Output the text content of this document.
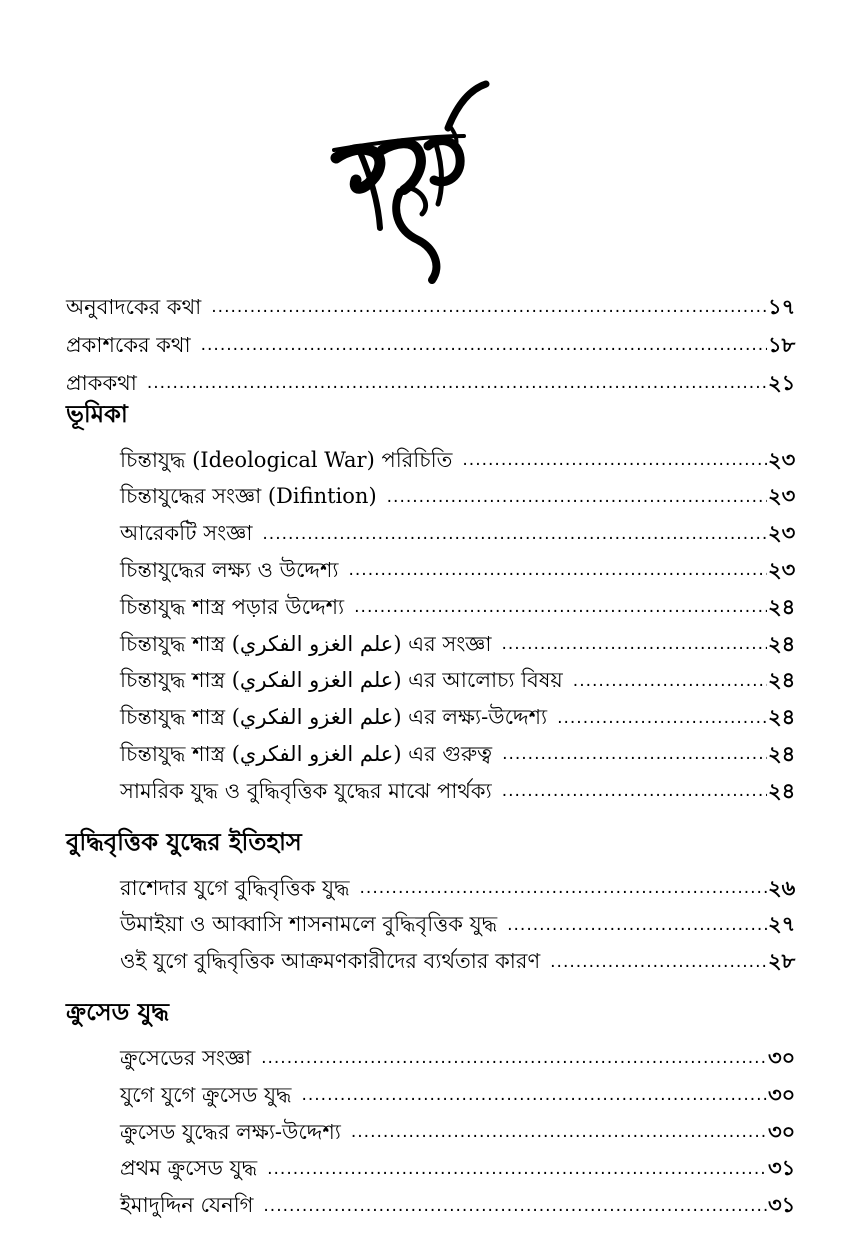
অনুবাদকের কথা .....	১৭
প্রকাশকের কথা .....	১৮
প্রাককথা .....	২১
ভূমিকা
চিন্তাযুদ্ধ (Ideological War) পরিচিতি .....	২৩
চিন্তাযুদ্ধের সংজ্ঞা (Difintion) .....	২৩
আরেকটি সংজ্ঞা .....	২৩
চিন্তাযুদ্ধের লক্ষ্য ও উদ্দেশ্য .....	২৩
চিন্তাযুদ্ধ শাস্ত্র পড়ার উদ্দেশ্য .....	২৪
চিন্তাযুদ্ধ শাস্ত্র (علم الغزو الفكري) এর সংজ্ঞা .....	২৪
চিন্তাযুদ্ধ শাস্ত্র (علم الغزو الفكري) এর আলোচ্য বিষয় .....	২৪
চিন্তাযুদ্ধ শাস্ত্র (علم الغزو الفكري) এর লক্ষ্য-উদ্দেশ্য .....	২৪
চিন্তাযুদ্ধ শাস্ত্র (علم الغزو الفكري) এর গুরুত্ব .....	২৪
সামরিক যুদ্ধ ও বুদ্ধিবৃত্তিক যুদ্ধের মাঝে পার্থক্য .....	২৪
বুদ্ধিবৃত্তিক যুদ্ধের ইতিহাস
রাশেদার যুগে বুদ্ধিবৃত্তিক যুদ্ধ .....	২৬
উমাইয়া ও আব্বাসি শাসনামলে বুদ্ধিবৃত্তিক যুদ্ধ .....	২৭
ওই যুগে বুদ্ধিবৃত্তিক আক্রমণকারীদের ব্যর্থতার কারণ .....	২৮
ক্রুসেড যুদ্ধ
ক্রুসেডের সংজ্ঞা .....	৩০
যুগে যুগে ক্রুসেড যুদ্ধ .....	৩০
ক্রুসেড যুদ্ধের লক্ষ্য-উদ্দেশ্য .....	৩০
প্রথম ক্রুসেড যুদ্ধ .....	৩১
ইমাদুদ্দিন যেনগি .....	৩১
